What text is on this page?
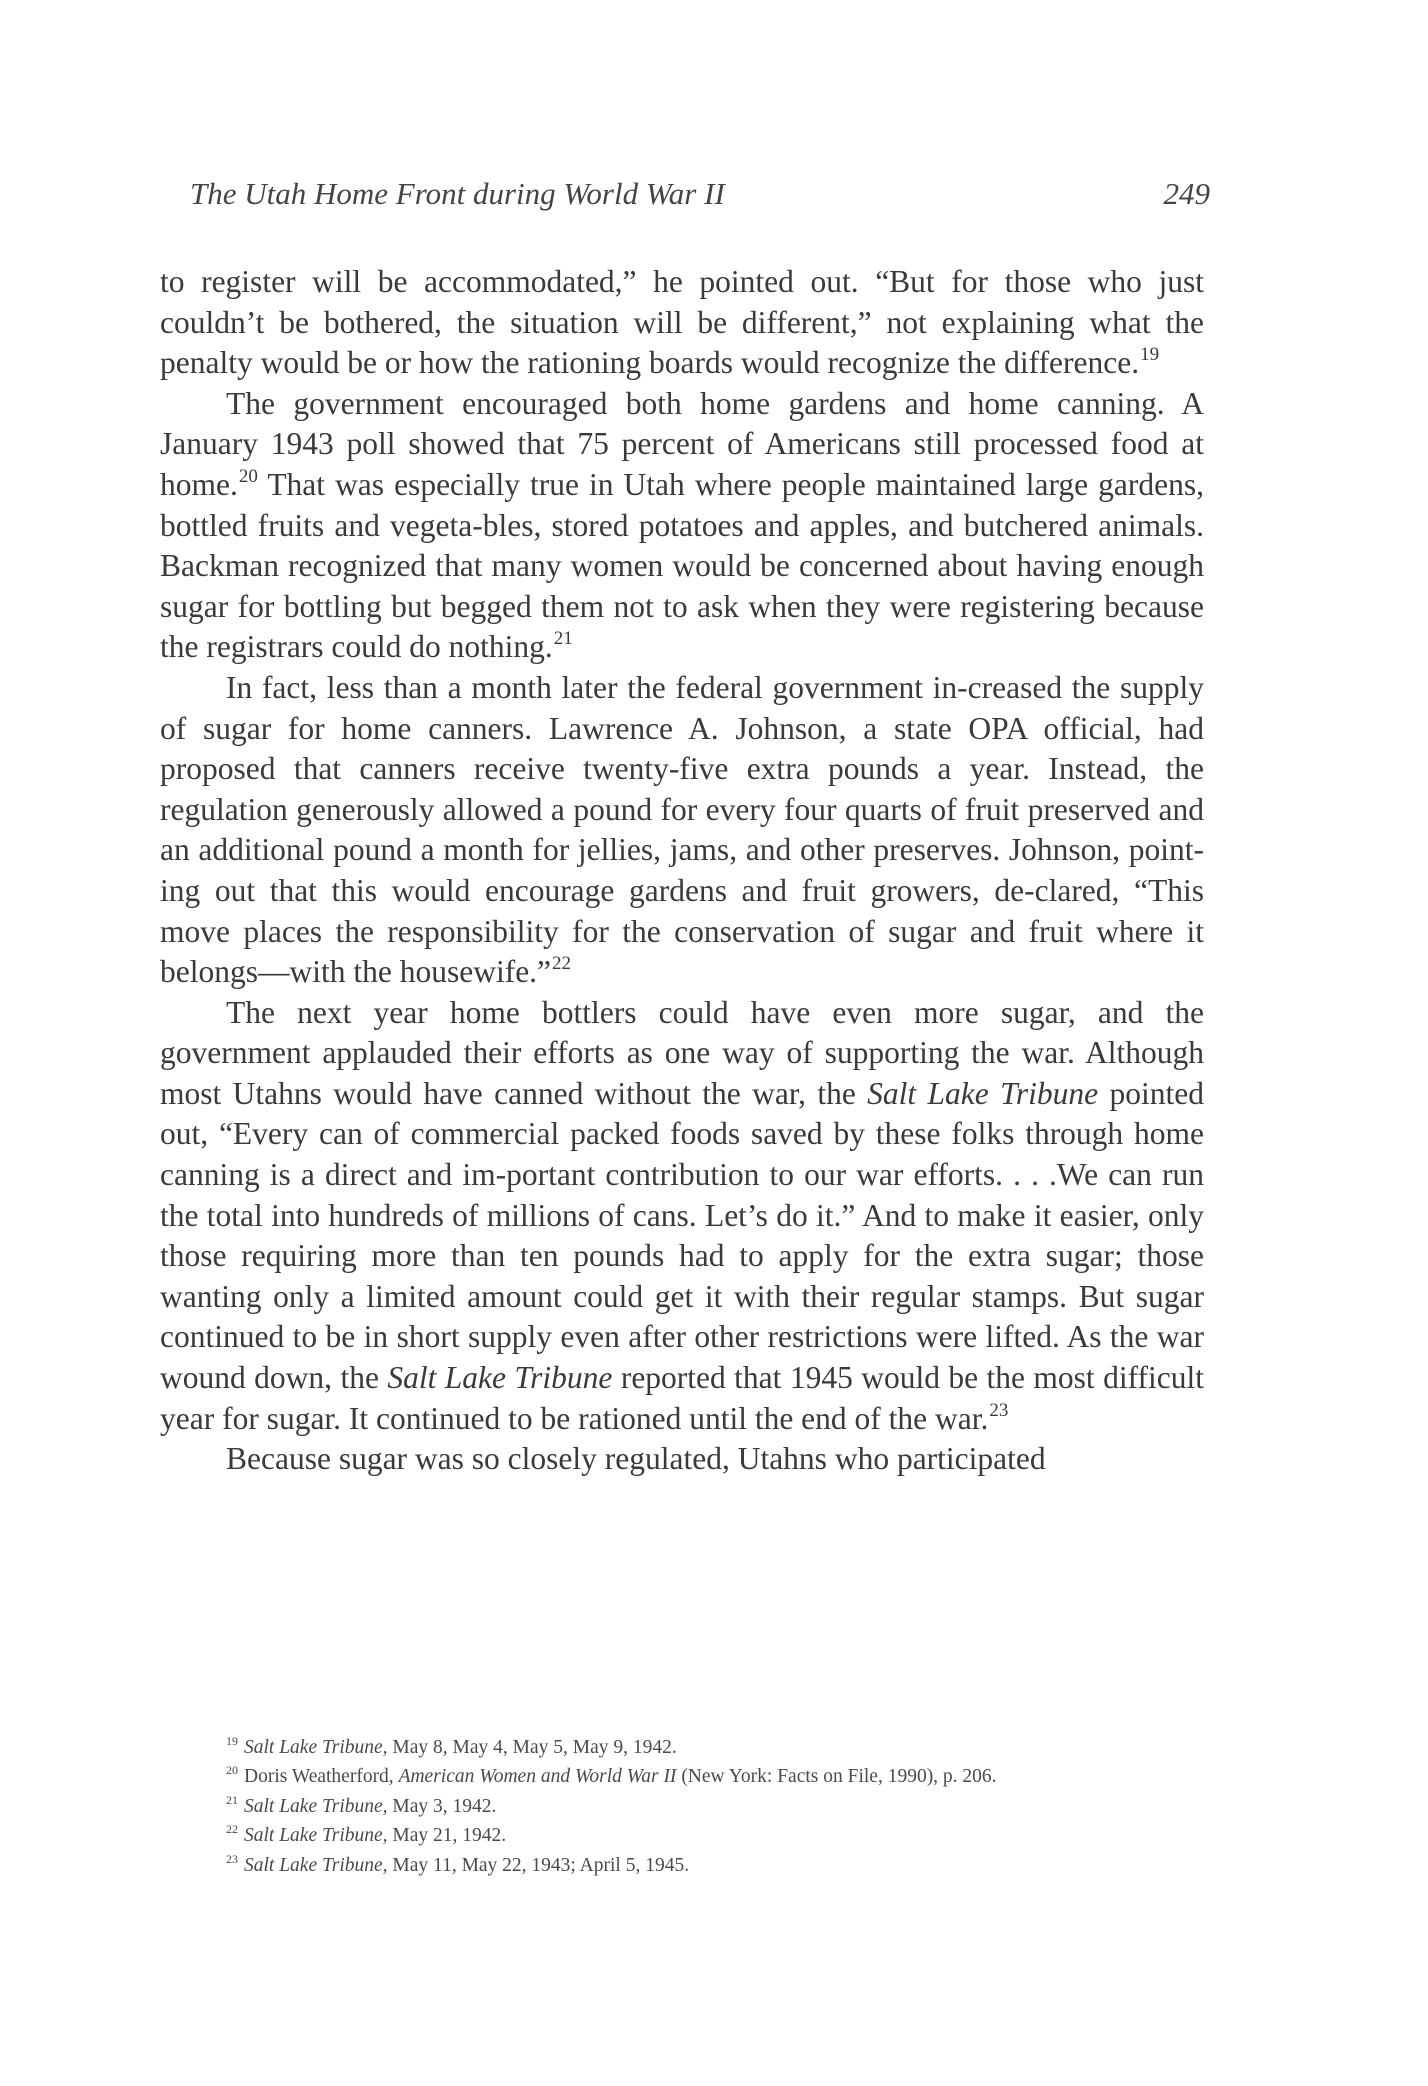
The Utah Home Front during World War II	249

to register will be accommodated,” he pointed out. “But for those who just couldn’t be bothered, the situation will be different,” not explaining what the penalty would be or how the rationing boards would recognize the difference.$^{19}$

The government encouraged both home gardens and home canning. A January 1943 poll showed that 75 percent of Americans still processed food at home.$^{20}$ That was especially true in Utah where people maintained large gardens, bottled fruits and vegeta-bles, stored potatoes and apples, and butchered animals. Backman recognized that many women would be concerned about having enough sugar for bottling but begged them not to ask when they were registering because the registrars could do nothing.$^{21}$

In fact, less than a month later the federal government in-creased the supply of sugar for home canners. Lawrence A. Johnson, a state OPA official, had proposed that canners receive twenty-five extra pounds a year. Instead, the regulation generously allowed a pound for every four quarts of fruit preserved and an additional pound a month for jellies, jams, and other preserves. Johnson, point-ing out that this would encourage gardens and fruit growers, de-clared, “This move places the responsibility for the conservation of sugar and fruit where it belongs—with the housewife.”$^{22}$

The next year home bottlers could have even more sugar, and the government applauded their efforts as one way of supporting the war. Although most Utahns would have canned without the war, the Salt Lake Tribune pointed out, “Every can of commercial packed foods saved by these folks through home canning is a direct and im-portant contribution to our war efforts. . . .We can run the total into hundreds of millions of cans. Let’s do it.” And to make it easier, only those requiring more than ten pounds had to apply for the extra sugar; those wanting only a limited amount could get it with their regular stamps. But sugar continued to be in short supply even after other restrictions were lifted. As the war wound down, the Salt Lake Tribune reported that 1945 would be the most difficult year for sugar. It continued to be rationed until the end of the war.$^{23}$

Because sugar was so closely regulated, Utahns who participated

$^{19}$ Salt Lake Tribune, May 8, May 4, May 5, May 9, 1942.

$^{20}$ Doris Weatherford, American Women and World War II (New York: Facts on File, 1990), p. 206.

$^{21}$ Salt Lake Tribune, May 3, 1942.

$^{22}$ Salt Lake Tribune, May 21, 1942.

$^{23}$ Salt Lake Tribune, May 11, May 22, 1943; April 5, 1945.
